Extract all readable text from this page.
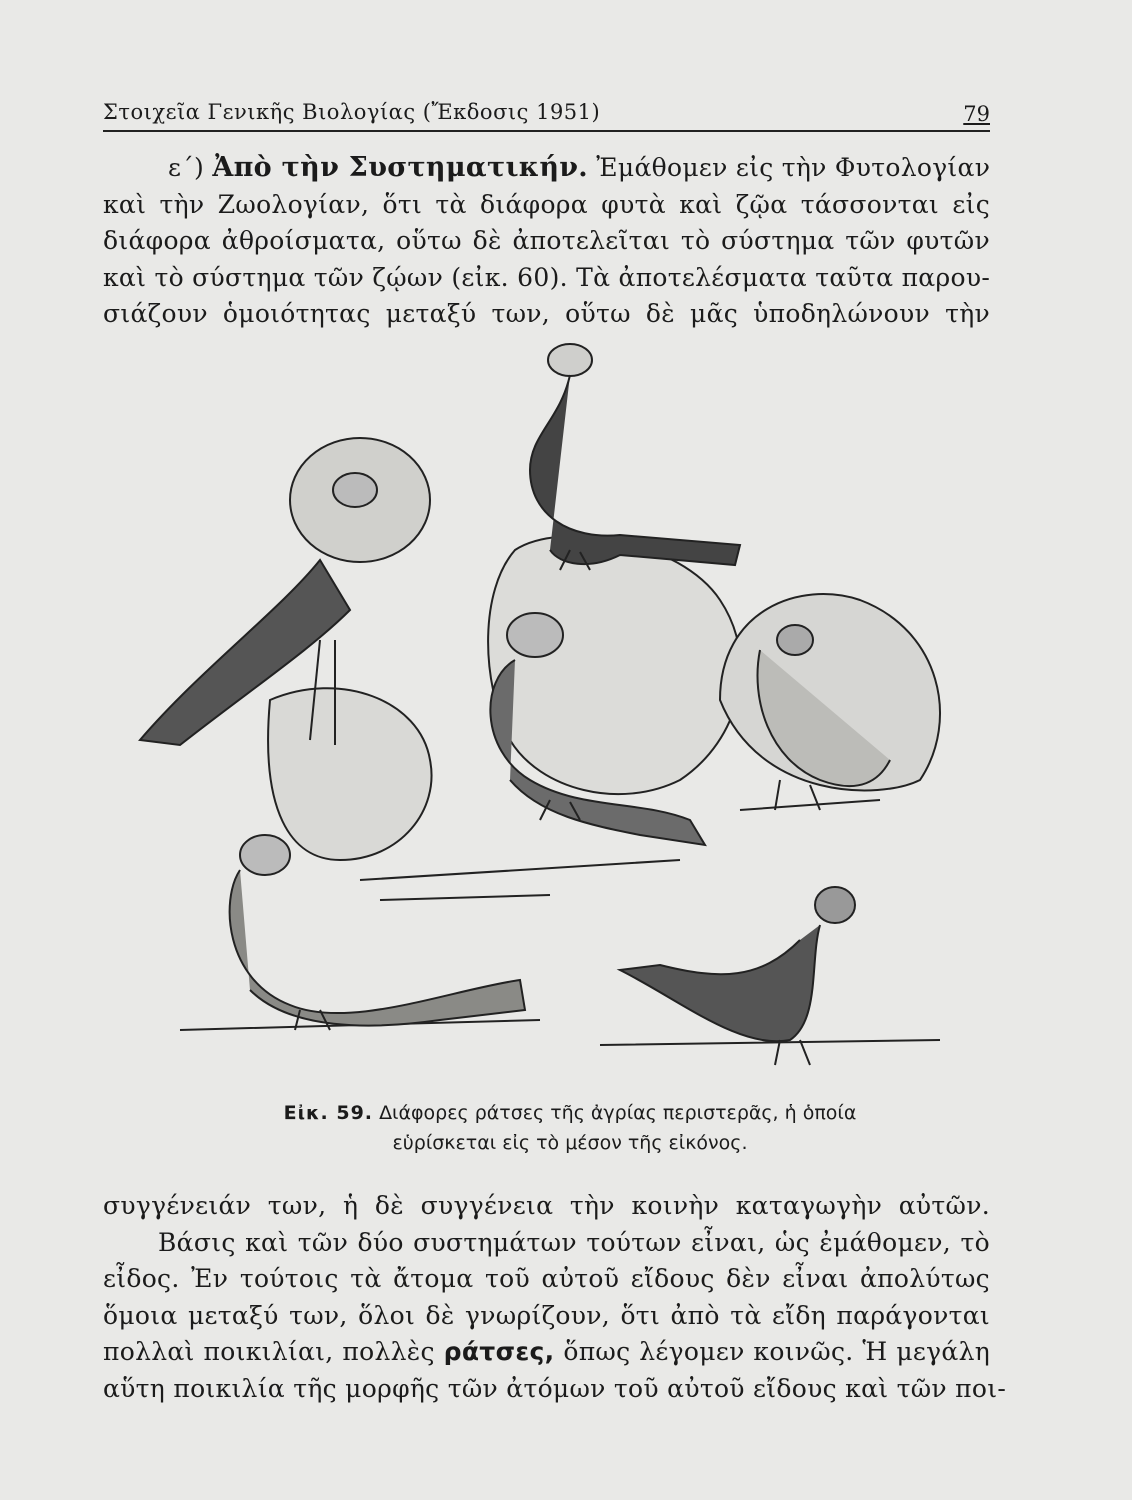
Στοιχεῖα Γενικῆς Βιολογίας (Ἔκδοσις 1951)	79
ε΄) Ἀπὸ τὴν Συστηματικήν. Ἐμάθομεν εἰς τὴν Φυτολογίαν
καὶ τὴν Ζωολογίαν, ὅτι τὰ διάφορα φυτὰ καὶ ζῷα τάσσονται εἰς
διάφορα ἀθροίσματα, οὕτω δὲ ἀποτελεῖται τὸ σύστημα τῶν φυτῶν
καὶ τὸ σύστημα τῶν ζῴων (εἰκ. 60). Τὰ ἀποτελέσματα ταῦτα παρου-
σιάζουν ὁμοιότητας μεταξύ των, οὕτω δὲ μᾶς ὑποδηλώνουν τὴν
Εἰκ. 59. Διάφορες ράτσες τῆς ἀγρίας περιστερᾶς, ἡ ὁποία
εὑρίσκεται εἰς τὸ μέσον τῆς εἰκόνος.
συγγένειάν των, ἡ δὲ συγγένεια τὴν κοινὴν καταγωγὴν αὐτῶν.
Βάσις καὶ τῶν δύο συστημάτων τούτων εἶναι, ὡς ἐμάθομεν, τὸ
εἶδος. Ἐν τούτοις τὰ ἄτομα τοῦ αὐτοῦ εἴδους δὲν εἶναι ἀπολύτως
ὅμοια μεταξύ των, ὅλοι δὲ γνωρίζουν, ὅτι ἀπὸ τὰ εἴδη παράγονται
πολλαὶ ποικιλίαι, πολλὲς ράτσες, ὅπως λέγομεν κοινῶς. Ἡ μεγάλη
αὕτη ποικιλία τῆς μορφῆς τῶν ἀτόμων τοῦ αὐτοῦ εἴδους καὶ τῶν ποι-
